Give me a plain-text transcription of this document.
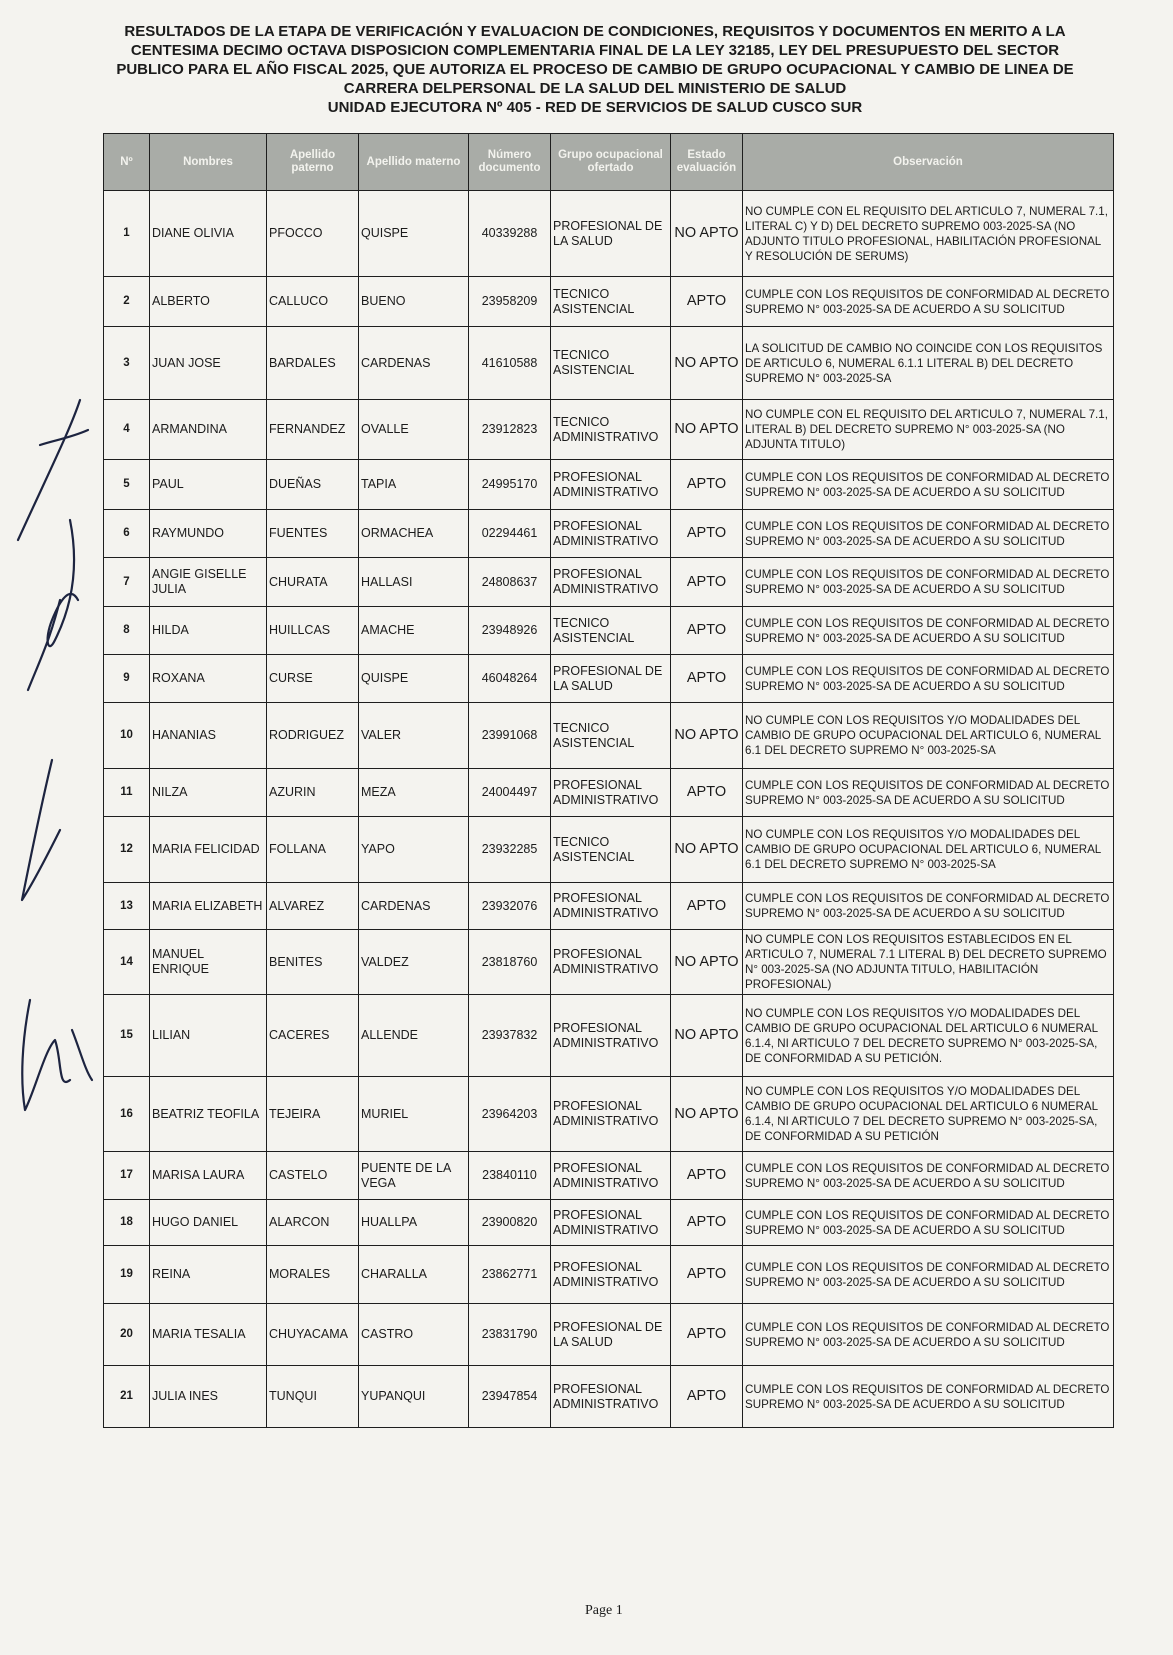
RESULTADOS DE LA ETAPA DE VERIFICACIÓN Y EVALUACION DE CONDICIONES, REQUISITOS Y DOCUMENTOS EN MERITO A LA
CENTESIMA DECIMO OCTAVA DISPOSICION COMPLEMENTARIA FINAL DE LA LEY 32185, LEY DEL PRESUPUESTO DEL SECTOR
PUBLICO PARA EL AÑO FISCAL 2025, QUE AUTORIZA EL PROCESO DE CAMBIO DE GRUPO OCUPACIONAL Y CAMBIO DE LINEA DE
CARRERA DELPERSONAL DE LA SALUD DEL MINISTERIO DE SALUD
UNIDAD EJECUTORA Nº 405 - RED DE SERVICIOS DE SALUD CUSCO SUR
Nº	Nombres	Apellido paterno	Apellido materno	Número documento	Grupo ocupacional ofertado	Estado evaluación	Observación
1	DIANE OLIVIA	PFOCCO	QUISPE	40339288	PROFESIONAL DE LA SALUD	NO APTO	NO CUMPLE CON EL REQUISITO DEL ARTICULO 7, NUMERAL 7.1, LITERAL C) Y D) DEL DECRETO SUPREMO 003-2025-SA (NO ADJUNTO TITULO PROFESIONAL, HABILITACIÓN PROFESIONAL Y RESOLUCIÓN DE SERUMS)
2	ALBERTO	CALLUCO	BUENO	23958209	TECNICO ASISTENCIAL	APTO	CUMPLE CON LOS REQUISITOS DE CONFORMIDAD AL DECRETO SUPREMO N° 003-2025-SA DE ACUERDO A SU SOLICITUD
3	JUAN JOSE	BARDALES	CARDENAS	41610588	TECNICO ASISTENCIAL	NO APTO	LA SOLICITUD DE CAMBIO NO COINCIDE CON LOS REQUISITOS DE ARTICULO 6, NUMERAL 6.1.1 LITERAL B) DEL DECRETO SUPREMO N° 003-2025-SA
4	ARMANDINA	FERNANDEZ	OVALLE	23912823	TECNICO ADMINISTRATIVO	NO APTO	NO CUMPLE CON EL REQUISITO DEL ARTICULO 7, NUMERAL 7.1, LITERAL B) DEL DECRETO SUPREMO N° 003-2025-SA (NO ADJUNTA TITULO)
5	PAUL	DUEÑAS	TAPIA	24995170	PROFESIONAL ADMINISTRATIVO	APTO	CUMPLE CON LOS REQUISITOS DE CONFORMIDAD AL DECRETO SUPREMO N° 003-2025-SA DE ACUERDO A SU SOLICITUD
6	RAYMUNDO	FUENTES	ORMACHEA	02294461	PROFESIONAL ADMINISTRATIVO	APTO	CUMPLE CON LOS REQUISITOS DE CONFORMIDAD AL DECRETO SUPREMO N° 003-2025-SA DE ACUERDO A SU SOLICITUD
7	ANGIE GISELLE JULIA	CHURATA	HALLASI	24808637	PROFESIONAL ADMINISTRATIVO	APTO	CUMPLE CON LOS REQUISITOS DE CONFORMIDAD AL DECRETO SUPREMO N° 003-2025-SA DE ACUERDO A SU SOLICITUD
8	HILDA	HUILLCAS	AMACHE	23948926	TECNICO ASISTENCIAL	APTO	CUMPLE CON LOS REQUISITOS DE CONFORMIDAD AL DECRETO SUPREMO N° 003-2025-SA DE ACUERDO A SU SOLICITUD
9	ROXANA	CURSE	QUISPE	46048264	PROFESIONAL DE LA SALUD	APTO	CUMPLE CON LOS REQUISITOS DE CONFORMIDAD AL DECRETO SUPREMO N° 003-2025-SA DE ACUERDO A SU SOLICITUD
10	HANANIAS	RODRIGUEZ	VALER	23991068	TECNICO ASISTENCIAL	NO APTO	NO CUMPLE CON LOS REQUISITOS Y/O MODALIDADES DEL CAMBIO DE GRUPO OCUPACIONAL DEL ARTICULO 6, NUMERAL 6.1 DEL DECRETO SUPREMO N° 003-2025-SA
11	NILZA	AZURIN	MEZA	24004497	PROFESIONAL ADMINISTRATIVO	APTO	CUMPLE CON LOS REQUISITOS DE CONFORMIDAD AL DECRETO SUPREMO N° 003-2025-SA DE ACUERDO A SU SOLICITUD
12	MARIA FELICIDAD	FOLLANA	YAPO	23932285	TECNICO ASISTENCIAL	NO APTO	NO CUMPLE CON LOS REQUISITOS Y/O MODALIDADES DEL CAMBIO DE GRUPO OCUPACIONAL DEL ARTICULO 6, NUMERAL 6.1 DEL DECRETO SUPREMO N° 003-2025-SA
13	MARIA ELIZABETH	ALVAREZ	CARDENAS	23932076	PROFESIONAL ADMINISTRATIVO	APTO	CUMPLE CON LOS REQUISITOS DE CONFORMIDAD AL DECRETO SUPREMO N° 003-2025-SA DE ACUERDO A SU SOLICITUD
14	MANUEL ENRIQUE	BENITES	VALDEZ	23818760	PROFESIONAL ADMINISTRATIVO	NO APTO	NO CUMPLE CON LOS REQUISITOS ESTABLECIDOS EN EL ARTICULO 7, NUMERAL 7.1 LITERAL B) DEL DECRETO SUPREMO N° 003-2025-SA (NO ADJUNTA TITULO, HABILITACIÓN PROFESIONAL)
15	LILIAN	CACERES	ALLENDE	23937832	PROFESIONAL ADMINISTRATIVO	NO APTO	NO CUMPLE CON LOS REQUISITOS Y/O MODALIDADES DEL CAMBIO DE GRUPO OCUPACIONAL DEL ARTICULO 6 NUMERAL 6.1.4, NI ARTICULO 7 DEL DECRETO SUPREMO N° 003-2025-SA, DE CONFORMIDAD A SU PETICIÓN.
16	BEATRIZ TEOFILA	TEJEIRA	MURIEL	23964203	PROFESIONAL ADMINISTRATIVO	NO APTO	NO CUMPLE CON LOS REQUISITOS Y/O MODALIDADES DEL CAMBIO DE GRUPO OCUPACIONAL DEL ARTICULO 6 NUMERAL 6.1.4, NI ARTICULO 7 DEL DECRETO SUPREMO N° 003-2025-SA, DE CONFORMIDAD A SU PETICIÓN
17	MARISA LAURA	CASTELO	PUENTE DE LA VEGA	23840110	PROFESIONAL ADMINISTRATIVO	APTO	CUMPLE CON LOS REQUISITOS DE CONFORMIDAD AL DECRETO SUPREMO N° 003-2025-SA DE ACUERDO A SU SOLICITUD
18	HUGO DANIEL	ALARCON	HUALLPA	23900820	PROFESIONAL ADMINISTRATIVO	APTO	CUMPLE CON LOS REQUISITOS DE CONFORMIDAD AL DECRETO SUPREMO N° 003-2025-SA DE ACUERDO A SU SOLICITUD
19	REINA	MORALES	CHARALLA	23862771	PROFESIONAL ADMINISTRATIVO	APTO	CUMPLE CON LOS REQUISITOS DE CONFORMIDAD AL DECRETO SUPREMO N° 003-2025-SA DE ACUERDO A SU SOLICITUD
20	MARIA TESALIA	CHUYACAMA	CASTRO	23831790	PROFESIONAL DE LA SALUD	APTO	CUMPLE CON LOS REQUISITOS DE CONFORMIDAD AL DECRETO SUPREMO N° 003-2025-SA DE ACUERDO A SU SOLICITUD
21	JULIA INES	TUNQUI	YUPANQUI	23947854	PROFESIONAL ADMINISTRATIVO	APTO	CUMPLE CON LOS REQUISITOS DE CONFORMIDAD AL DECRETO SUPREMO N° 003-2025-SA DE ACUERDO A SU SOLICITUD
Page 1
